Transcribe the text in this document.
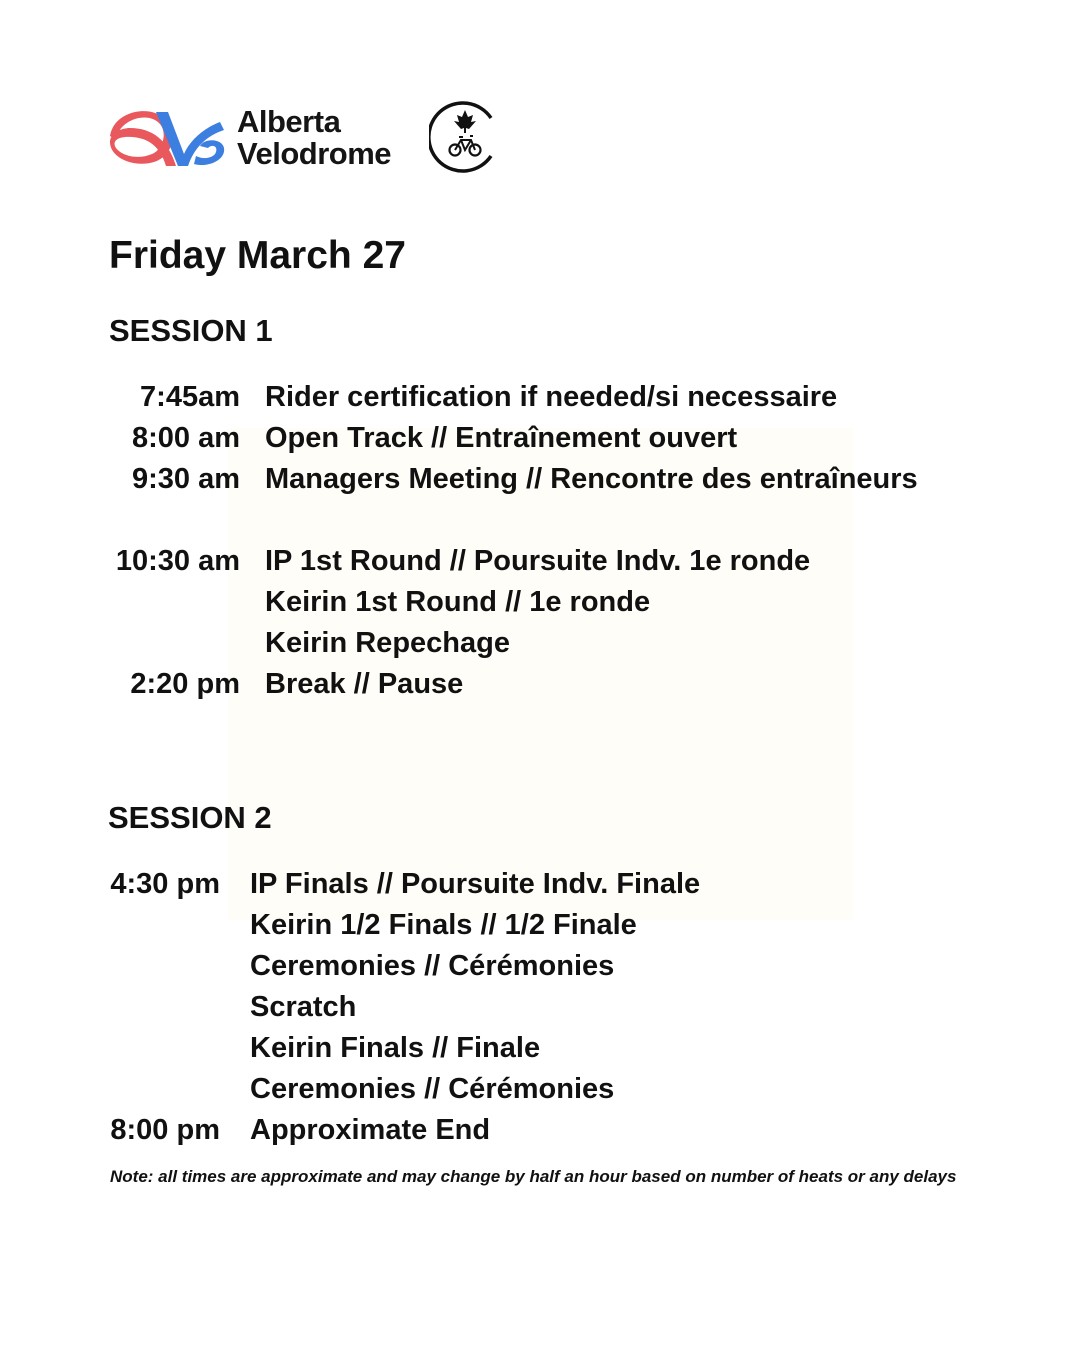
Alberta
Velodrome
Friday March 27
SESSION 1
7:45am Rider certification if needed/si necessaire
8:00 am Open Track // Entraînement ouvert
9:30 am Managers Meeting // Rencontre des entraîneurs
10:30 am IP 1st Round // Poursuite Indv. 1e ronde
Keirin 1st Round // 1e ronde
Keirin Repechage
2:20 pm Break // Pause
SESSION 2
4:30 pm IP Finals // Poursuite Indv. Finale
Keirin 1/2 Finals // 1/2 Finale
Ceremonies // Cérémonies
Scratch
Keirin Finals // Finale
Ceremonies // Cérémonies
8:00 pm Approximate End
Note: all times are approximate and may change by half an hour based on number of heats or any delays
